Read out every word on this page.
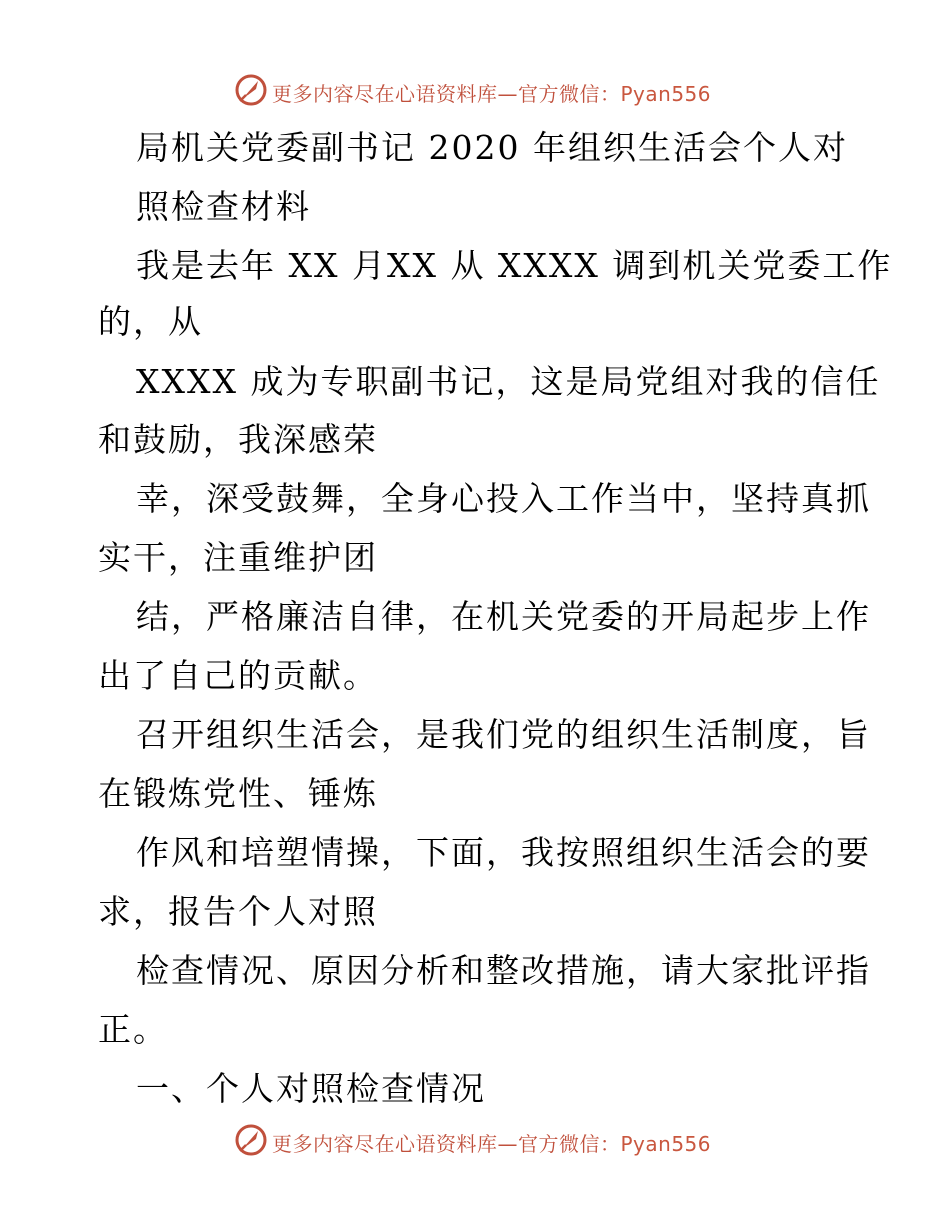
更多内容尽在心语资料库—官方微信：Pyan556
局机关党委副书记 2020 年组织生活会个人对
照检查材料
我是去年 XX 月XX 从 XXXX 调到机关党委工作
的，从
XXXX 成为专职副书记，这是局党组对我的信任
和鼓励，我深感荣
幸，深受鼓舞，全身心投入工作当中，坚持真抓
实干，注重维护团
结，严格廉洁自律，在机关党委的开局起步上作
出了自己的贡献。
召开组织生活会，是我们党的组织生活制度，旨
在锻炼党性、锤炼
作风和培塑情操，下面，我按照组织生活会的要
求，报告个人对照
检查情况、原因分析和整改措施，请大家批评指
正。
一、个人对照检查情况
更多内容尽在心语资料库—官方微信：Pyan556
